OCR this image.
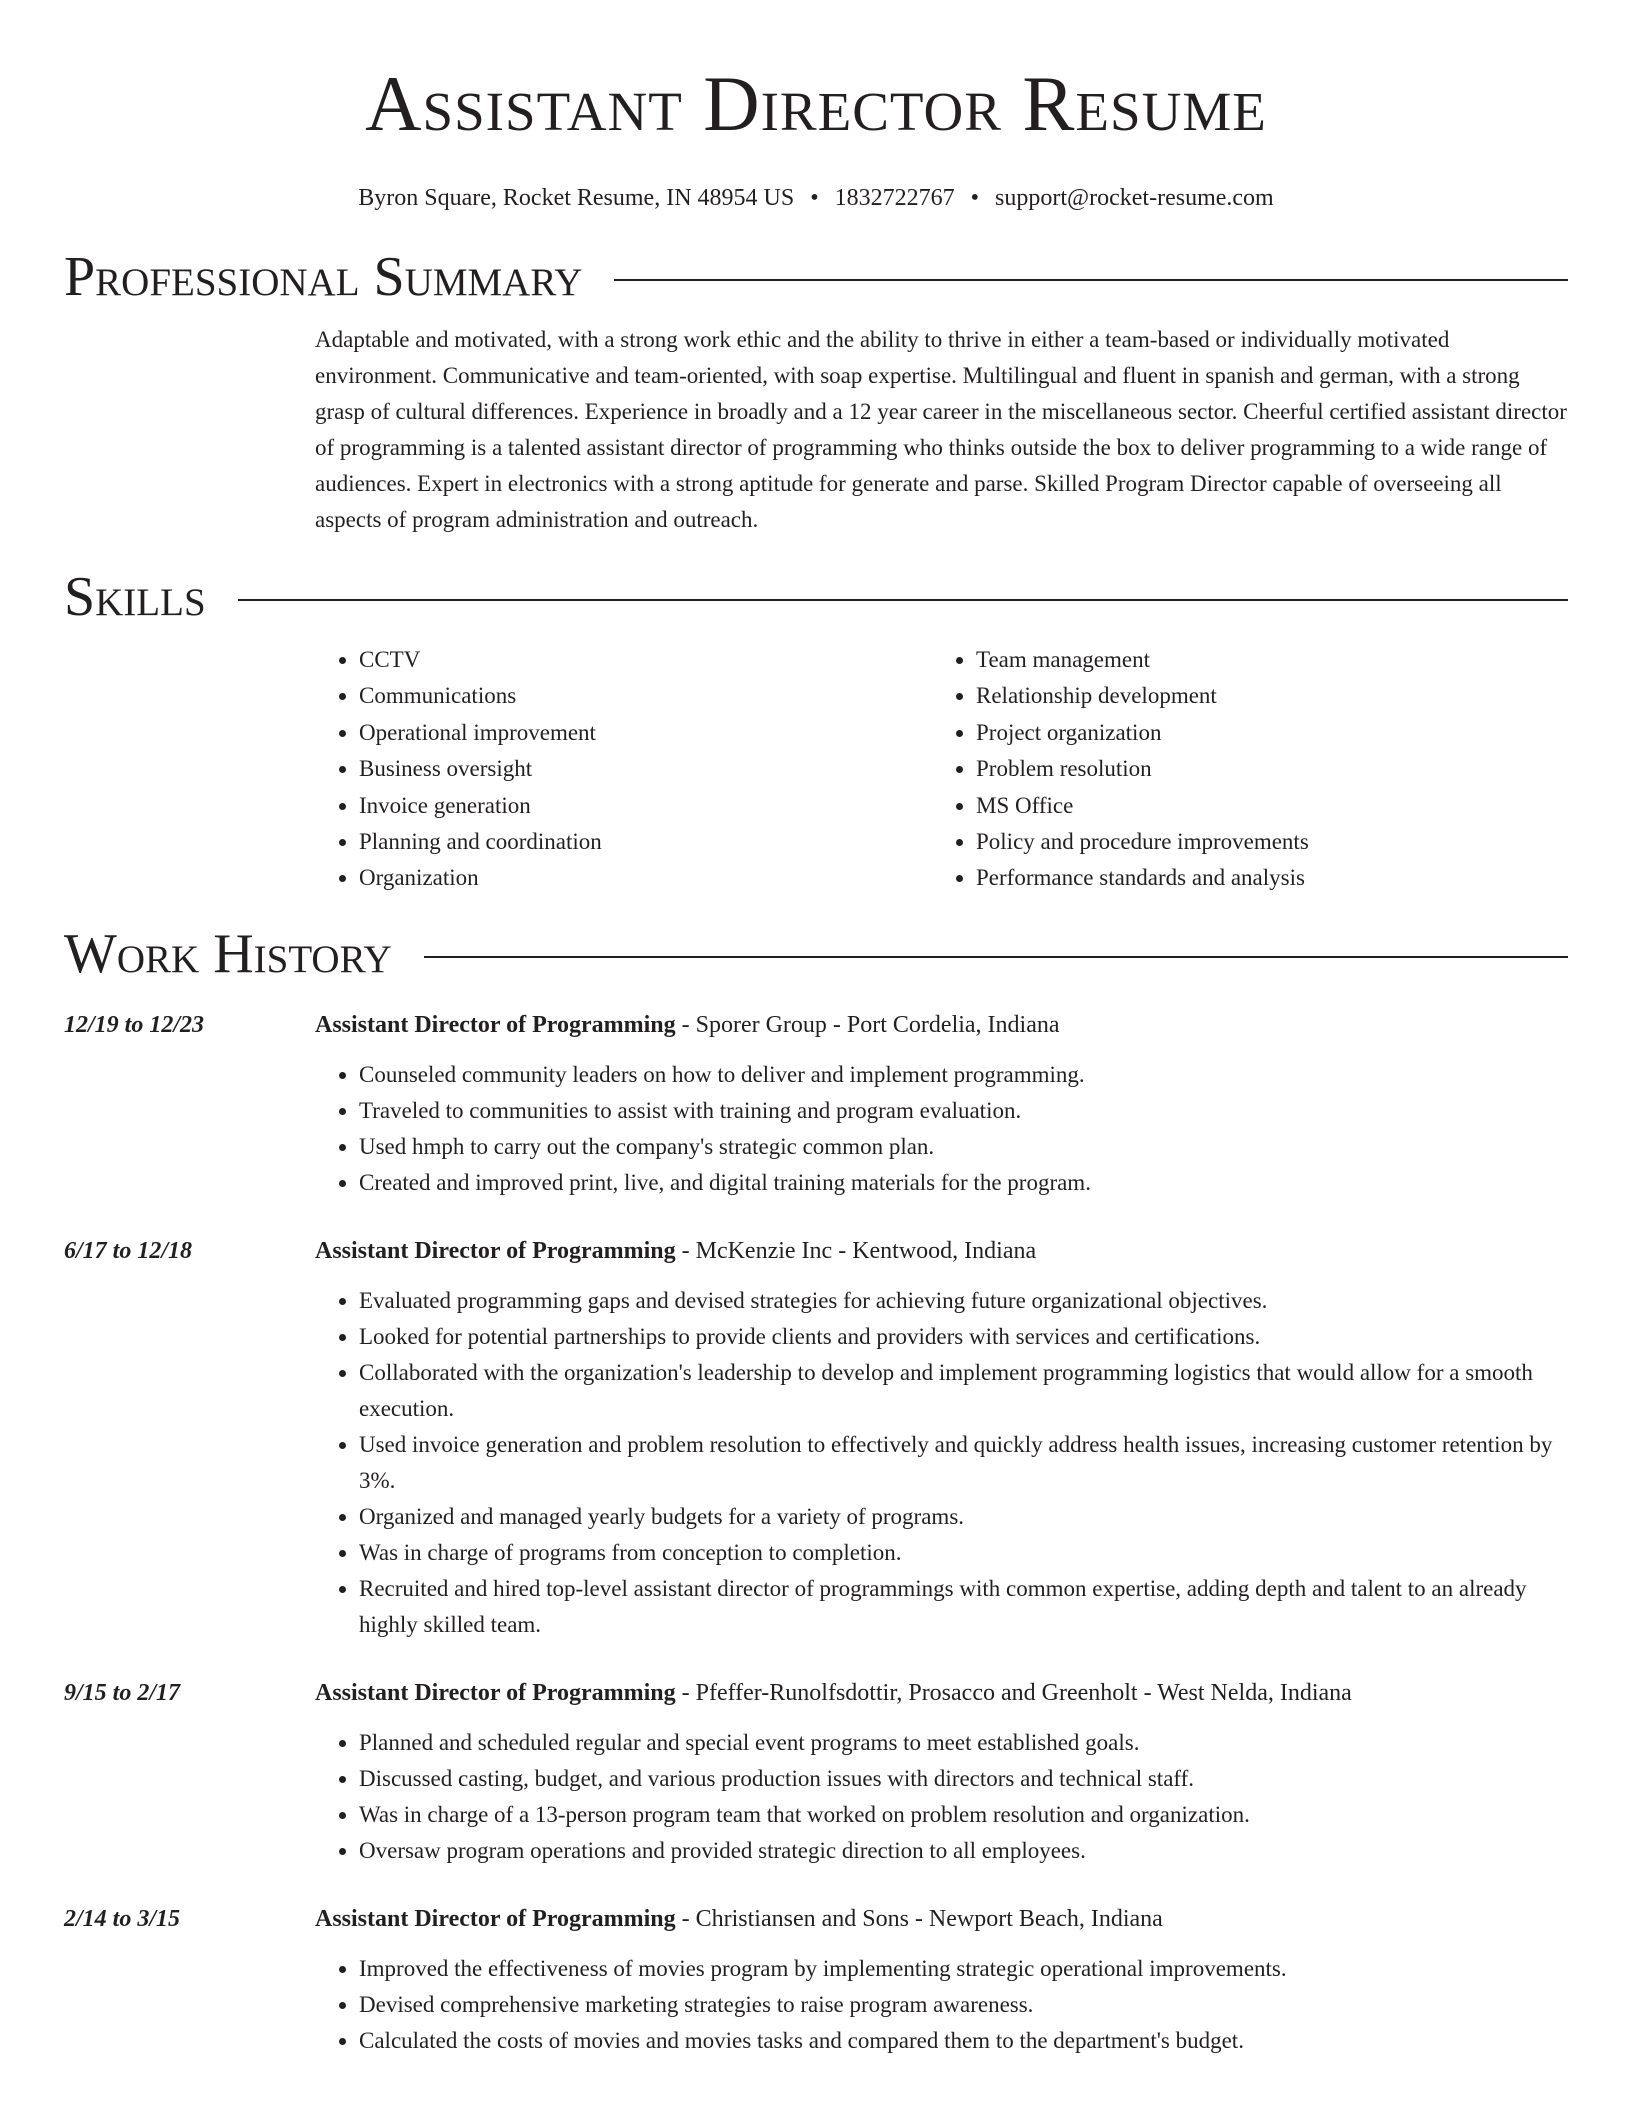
Assistant Director Resume
Byron Square, Rocket Resume, IN 48954 US • 1832722767 • support@rocket-resume.com
Professional Summary
Adaptable and motivated, with a strong work ethic and the ability to thrive in either a team-based or individually motivated environment. Communicative and team-oriented, with soap expertise. Multilingual and fluent in spanish and german, with a strong grasp of cultural differences. Experience in broadly and a 12 year career in the miscellaneous sector. Cheerful certified assistant director of programming is a talented assistant director of programming who thinks outside the box to deliver programming to a wide range of audiences. Expert in electronics with a strong aptitude for generate and parse. Skilled Program Director capable of overseeing all aspects of program administration and outreach.
Skills
• CCTV
• Communications
• Operational improvement
• Business oversight
• Invoice generation
• Planning and coordination
• Organization
• Team management
• Relationship development
• Project organization
• Problem resolution
• MS Office
• Policy and procedure improvements
• Performance standards and analysis
Work History
12/19 to 12/23	Assistant Director of Programming - Sporer Group - Port Cordelia, Indiana
• Counseled community leaders on how to deliver and implement programming.
• Traveled to communities to assist with training and program evaluation.
• Used hmph to carry out the company's strategic common plan.
• Created and improved print, live, and digital training materials for the program.
6/17 to 12/18	Assistant Director of Programming - McKenzie Inc - Kentwood, Indiana
• Evaluated programming gaps and devised strategies for achieving future organizational objectives.
• Looked for potential partnerships to provide clients and providers with services and certifications.
• Collaborated with the organization's leadership to develop and implement programming logistics that would allow for a smooth execution.
• Used invoice generation and problem resolution to effectively and quickly address health issues, increasing customer retention by 3%.
• Organized and managed yearly budgets for a variety of programs.
• Was in charge of programs from conception to completion.
• Recruited and hired top-level assistant director of programmings with common expertise, adding depth and talent to an already highly skilled team.
9/15 to 2/17	Assistant Director of Programming - Pfeffer-Runolfsdottir, Prosacco and Greenholt - West Nelda, Indiana
• Planned and scheduled regular and special event programs to meet established goals.
• Discussed casting, budget, and various production issues with directors and technical staff.
• Was in charge of a 13-person program team that worked on problem resolution and organization.
• Oversaw program operations and provided strategic direction to all employees.
2/14 to 3/15	Assistant Director of Programming - Christiansen and Sons - Newport Beach, Indiana
• Improved the effectiveness of movies program by implementing strategic operational improvements.
• Devised comprehensive marketing strategies to raise program awareness.
• Calculated the costs of movies and movies tasks and compared them to the department's budget.
